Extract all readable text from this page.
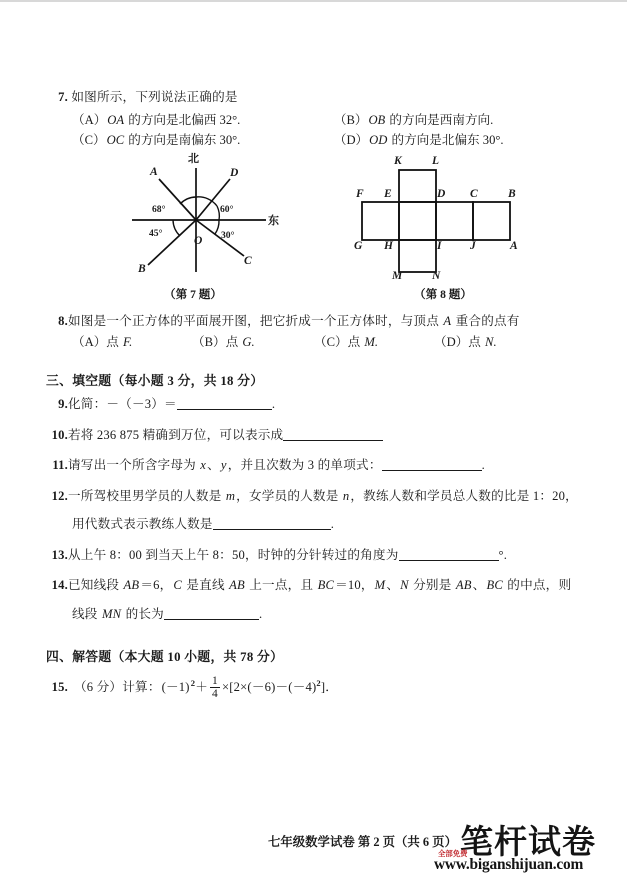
7. 如图所示，下列说法正确的是
（A）OA 的方向是北偏西 32°.	（B）OB 的方向是西南方向.
（C）OC 的方向是南偏东 30°.	（D）OD 的方向是北偏东 30°.
北
东
A	D
B
C
O
68°	60°
45°	30°
（第 7 题）
K	L
F E	D C	B
G H	I J	A
M	N
（第 8 题）
8.如图是一个正方体的平面展开图，把它折成一个正方体时，与顶点 A 重合的点有
（A）点 F.	（B）点 G.	（C）点 M.	（D）点 N.
三、填空题（每小题 3 分，共 18 分）
9.化简：－（－3）＝	.
10.若将 236 875 精确到万位，可以表示成
11.请写出一个所含字母为 x、y，并且次数为 3 的单项式：	.
12.一所驾校里男学员的人数是 m，女学员的人数是 n，教练人数和学员总人数的比是 1：20，
用代数式表示教练人数是	.
13.从上午 8：00 到当天上午 8：50，时钟的分针转过的角度为	°.
14.已知线段 AB＝6，C 是直线 AB 上一点，且 BC＝10，M、N 分别是 AB、BC 的中点，则
线段 MN 的长为	.
四、解答题（本大题 10 小题，共 78 分）
15. （6 分）计算：$(-1)^2+ \frac{1}{4} \times[2\times(-6)-(-4)^2]$．
七年级数学试卷 第 2 页（共 6 页） 笔杆试卷
全部免费
www.biganshijuan.com
